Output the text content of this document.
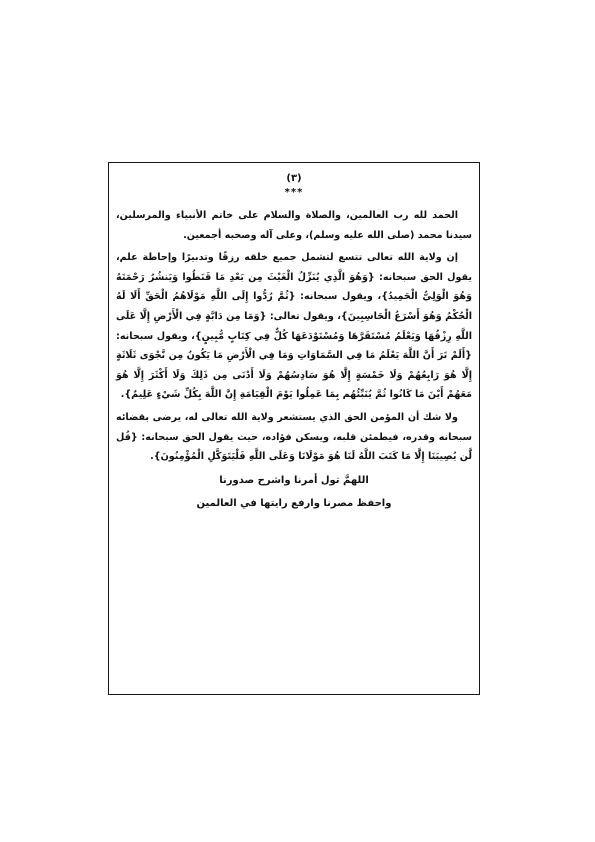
(٣)

***

الحمد لله رب العالمين، والصلاة والسلام على خاتم الأنبياء والمرسلين، سيدنا محمد (صلى الله عليه وسلم)، وعلى آله وصحبه أجمعين.

إن ولاية الله تعالى تتسع لتشمل جميع خلقه رزقًا وتدبيرًا وإحاطة علم، يقول الحق سبحانه: {وَهُوَ الَّذِي يُنَزِّلُ الْغَيْثَ مِن بَعْدِ مَا قَنَطُوا وَيَنشُرُ رَحْمَتَهُ وَهُوَ الْوَلِيُّ الْحَمِيدُ}، ويقول سبحانه: {ثُمَّ رُدُّوا إِلَى اللَّهِ مَوْلَاهُمُ الْحَقِّ أَلَا لَهُ الْحُكْمُ وَهُوَ أَسْرَعُ الْحَاسِبِينَ}، ويقول تعالى: {وَمَا مِن دَابَّةٍ فِي الْأَرْضِ إِلَّا عَلَى اللَّهِ رِزْقُهَا وَيَعْلَمُ مُسْتَقَرَّهَا وَمُسْتَوْدَعَهَا كُلٌّ فِي كِتَابٍ مُّبِينٍ}، ويقول سبحانه: {أَلَمْ تَرَ أَنَّ اللَّهَ يَعْلَمُ مَا فِي السَّمَاوَاتِ وَمَا فِي الْأَرْضِ مَا يَكُونُ مِن نَّجْوَى ثَلَاثَةٍ إِلَّا هُوَ رَابِعُهُمْ وَلَا خَمْسَةٍ إِلَّا هُوَ سَادِسُهُمْ وَلَا أَدْنَى مِن ذَلِكَ وَلَا أَكْثَرَ إِلَّا هُوَ مَعَهُمْ أَيْنَ مَا كَانُوا ثُمَّ يُنَبِّئُهُم بِمَا عَمِلُوا يَوْمَ الْقِيَامَةِ إِنَّ اللَّهَ بِكُلِّ شَيْءٍ عَلِيمٌ}.

ولا شك أن المؤمن الحق الذي يستشعر ولاية الله تعالى له، يرضى بقضائه سبحانه وقدره، فيطمئن قلبه، ويسكن فؤاده، حيث يقول الحق سبحانه: {قُل لَّن يُصِيبَنَا إِلَّا مَا كَتَبَ اللَّهُ لَنَا هُوَ مَوْلَانَا وَعَلَى اللَّهِ فَلْيَتَوَكَّلِ الْمُؤْمِنُونَ}.

اللهمَّ تول أمرنا واشرح صدورنا

واحفظ مصرنا وارفع رايتها في العالمين
